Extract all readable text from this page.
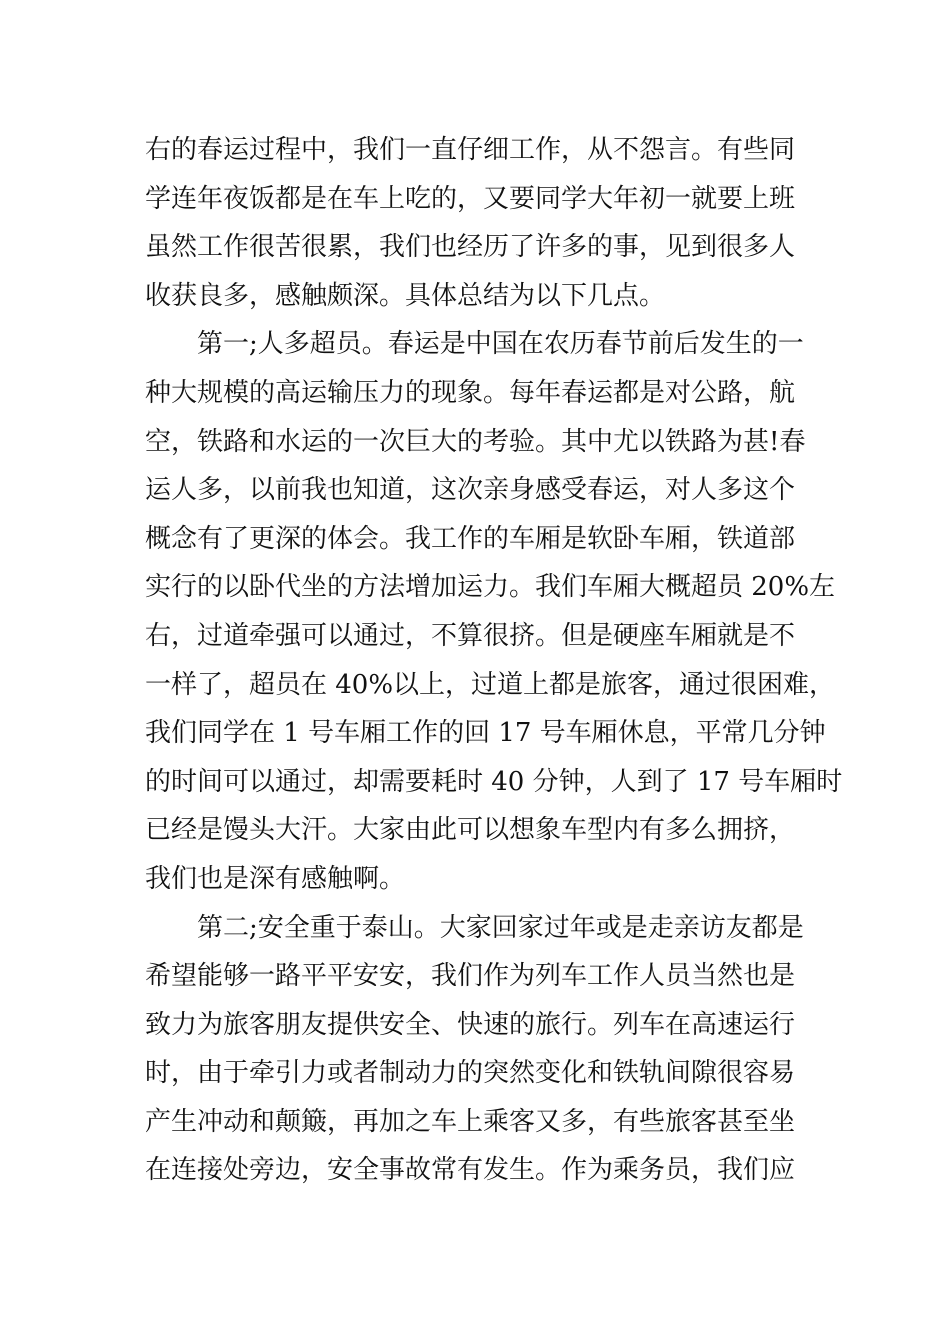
右的春运过程中，我们一直仔细工作，从不怨言。有些同
学连年夜饭都是在车上吃的，又要同学大年初一就要上班
虽然工作很苦很累，我们也经历了许多的事，见到很多人
收获良多，感触颇深。具体总结为以下几点。
第一;人多超员。春运是中国在农历春节前后发生的一
种大规模的高运输压力的现象。每年春运都是对公路，航
空，铁路和水运的一次巨大的考验。其中尤以铁路为甚!春
运人多，以前我也知道，这次亲身感受春运，对人多这个
概念有了更深的体会。我工作的车厢是软卧车厢，铁道部
实行的以卧代坐的方法增加运力。我们车厢大概超员 20%左
右，过道牵强可以通过，不算很挤。但是硬座车厢就是不
一样了，超员在 40%以上，过道上都是旅客，通过很困难，
我们同学在 1 号车厢工作的回 17 号车厢休息，平常几分钟
的时间可以通过，却需要耗时 40 分钟，人到了 17 号车厢时
已经是馒头大汗。大家由此可以想象车型内有多么拥挤，
我们也是深有感触啊。
第二;安全重于泰山。大家回家过年或是走亲访友都是
希望能够一路平平安安，我们作为列车工作人员当然也是
致力为旅客朋友提供安全、快速的旅行。列车在高速运行
时，由于牵引力或者制动力的突然变化和铁轨间隙很容易
产生冲动和颠簸，再加之车上乘客又多，有些旅客甚至坐
在连接处旁边，安全事故常有发生。作为乘务员，我们应
